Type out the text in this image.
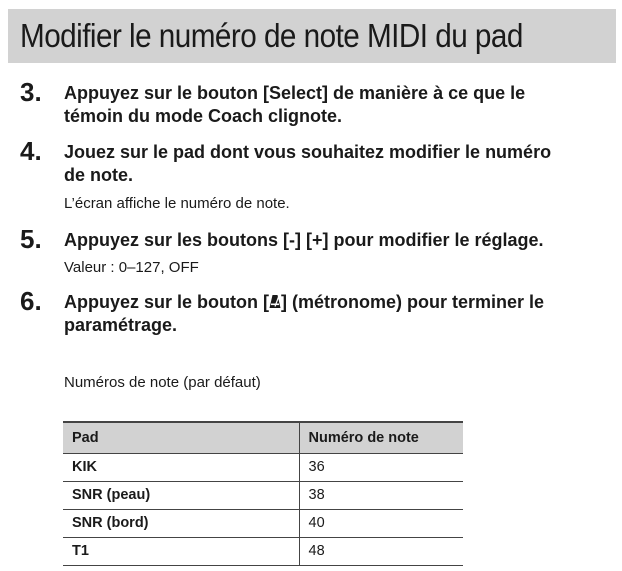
Modifier le numéro de note MIDI du pad
3. Appuyez sur le bouton [Select] de manière à ce que le
témoin du mode Coach clignote.
4. Jouez sur le pad dont vous souhaitez modifier le numéro
de note.
L’écran affiche le numéro de note.
5. Appuyez sur les boutons [-] [+] pour modifier le réglage.
Valeur : 0–127, OFF
6. Appuyez sur le bouton [ ] (métronome) pour terminer le
paramétrage.
Numéros de note (par défaut)
Pad	Numéro de note
KIK	36
SNR (peau)	38
SNR (bord)	40
T1	48
